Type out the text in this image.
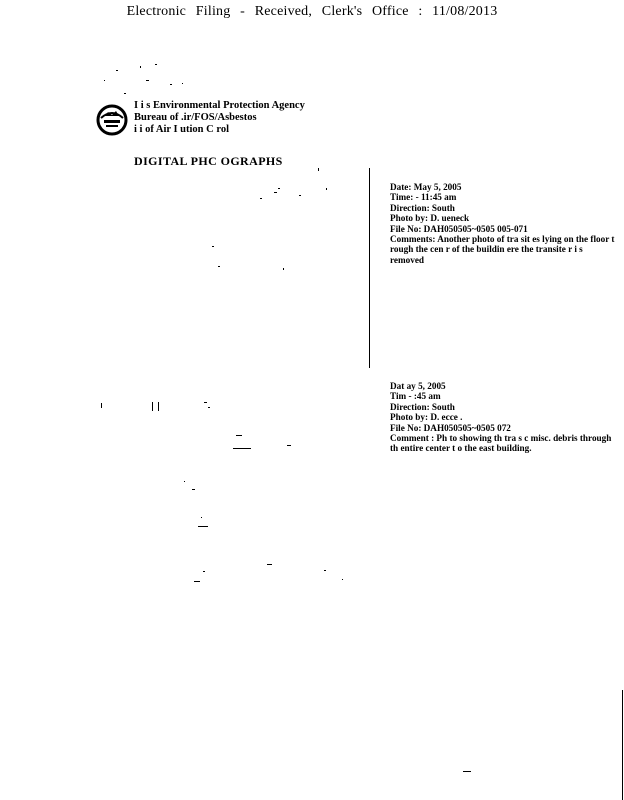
Electronic Filing - Received, Clerk's Office : 11/08/2013
I i s Environmental Protection Agency
Bureau of .ir/FOS/Asbestos
i i of Air I ution C rol
DIGITAL PHC OGRAPHS
Date: May 5, 2005
Time: - 11:45 am
Direction: South
Photo by: D. ueneck
File No: DAH050505~0505 005-071
Comments: Another photo of tra sit es lying on the floor t rough the cen r of the buildin ere the transite r i s removed
Dat ay 5, 2005
Tim - :45 am
Direction: South
Photo by: D. ecce .
File No: DAH050505~0505 072
Comment : Ph to showing th tra s c misc. debris through th entire center t o the east building.
